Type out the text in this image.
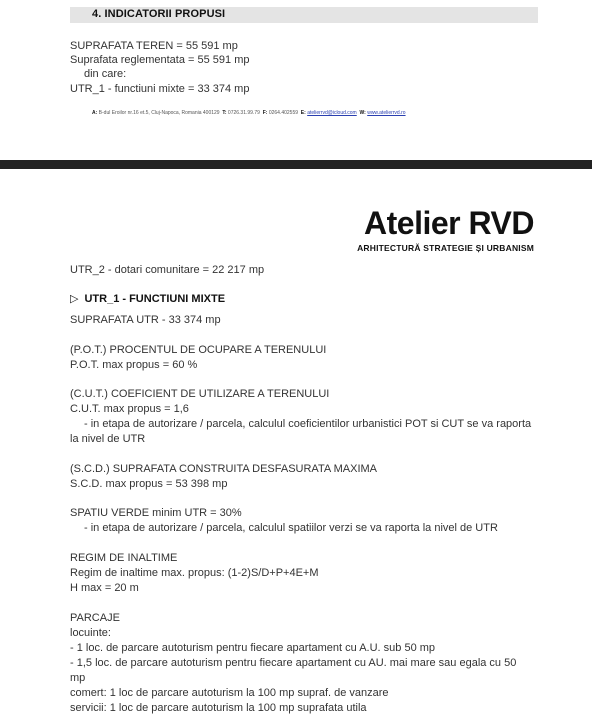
4. INDICATORII PROPUSI
SUPRAFATA TEREN = 55 591 mp
Suprafata reglementata = 55 591 mp
din care:
UTR_1 - functiuni mixte = 33 374 mp
A: B-dul Eroilor nr.16 et.5, Cluj-Napoca, Romania 400129 T: 0726.31.99.79 F: 0264.402559 E: atelierrvd@icloud.com W: www.atelierrvd.ro
Atelier RVD
ARHITECTURĂ STRATEGIE ȘI URBANISM
UTR_2 - dotari comunitare = 22 217 mp
▷ UTR_1 - FUNCTIUNI MIXTE
SUPRAFATA UTR - 33 374 mp
(P.O.T.) PROCENTUL DE OCUPARE A TERENULUI
P.O.T. max propus = 60 %
(C.U.T.) COEFICIENT DE UTILIZARE A TERENULUI
C.U.T. max propus = 1,6
- in etapa de autorizare / parcela, calculul coeficientilor urbanistici POT si CUT se va raporta
la nivel de UTR
(S.C.D.) SUPRAFATA CONSTRUITA DESFASURATA MAXIMA
S.C.D. max propus = 53 398 mp
SPATIU VERDE minim UTR = 30%
- in etapa de autorizare / parcela, calculul spatiilor verzi se va raporta la nivel de UTR
REGIM DE INALTIME
Regim de inaltime max. propus: (1-2)S/D+P+4E+M
H max = 20 m
PARCAJE
locuinte:
- 1 loc. de parcare autoturism pentru fiecare apartament cu A.U. sub 50 mp
- 1,5 loc. de parcare autoturism pentru fiecare apartament cu AU. mai mare sau egala cu 50
mp
comert: 1 loc de parcare autoturism la 100 mp supraf. de vanzare
servicii: 1 loc de parcare autoturism la 100 mp suprafata utila
